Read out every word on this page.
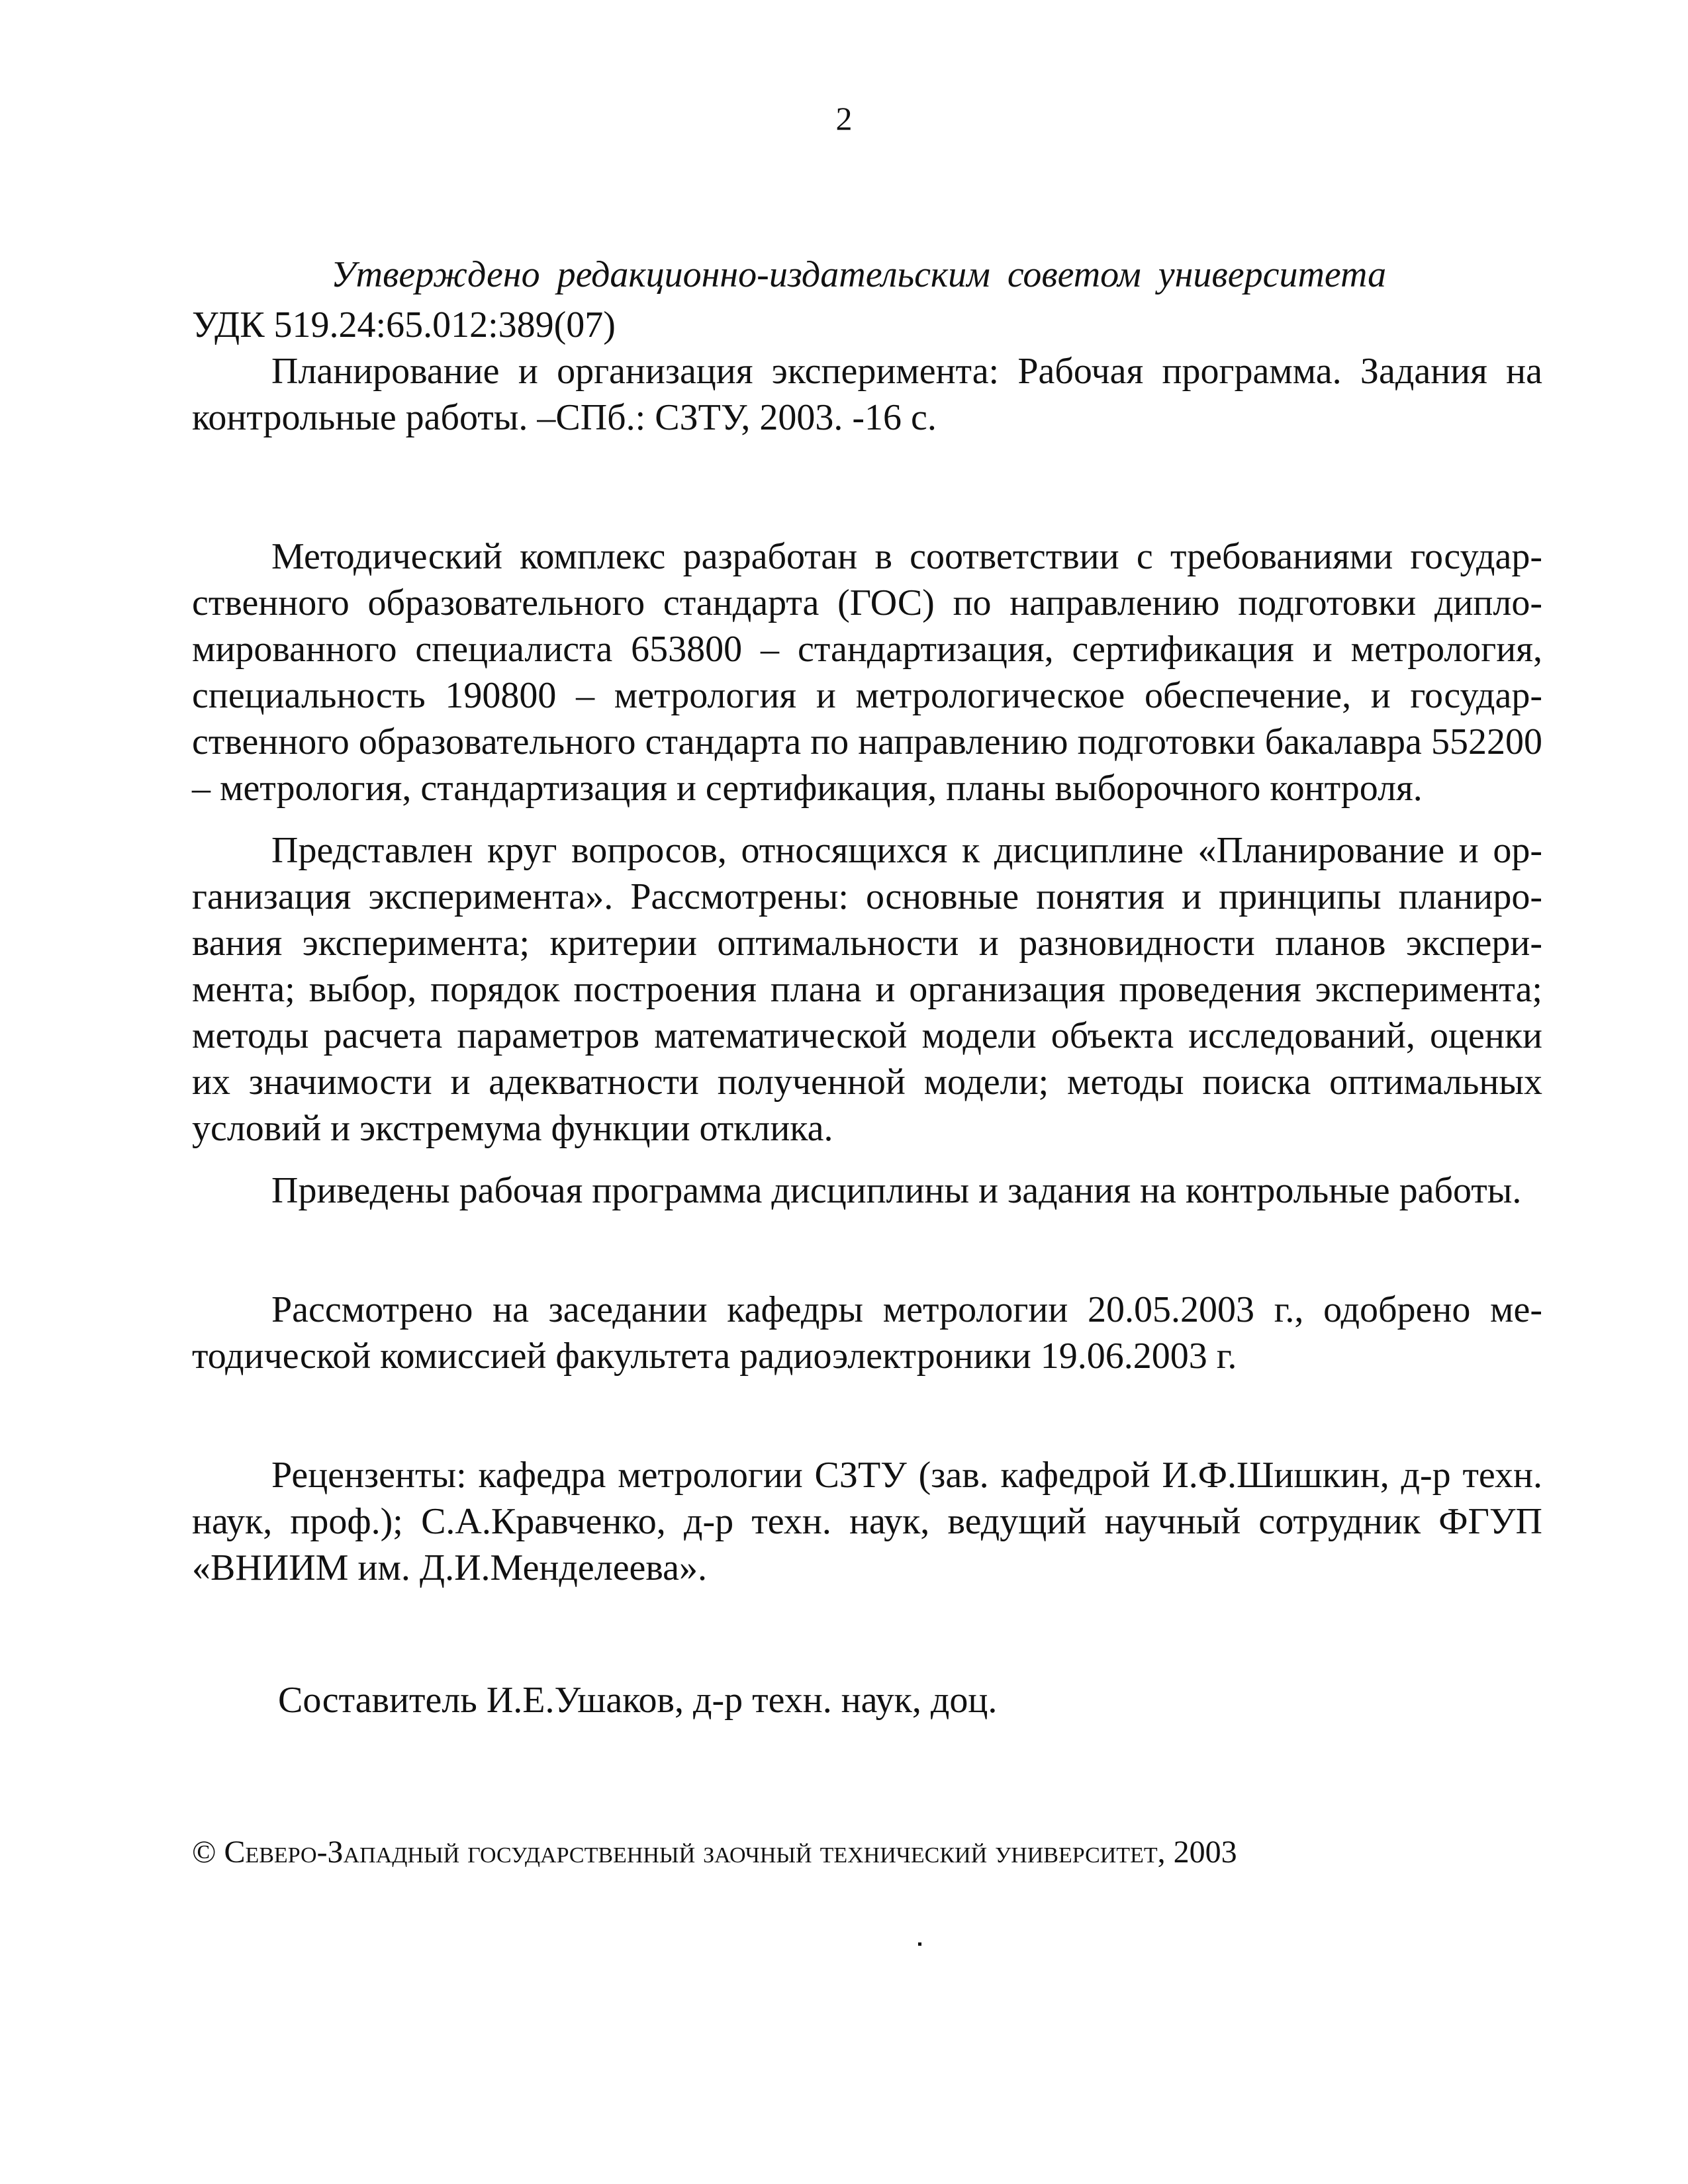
2
Утверждено редакционно-издательским советом университета
УДК 519.24:65.012:389(07)

Планирование и организация эксперимента: Рабочая программа. Задания на контрольные работы. –СПб.: СЗТУ, 2003. -16 с.

Методический комплекс разработан в соответствии с требованиями государственного образовательного стандарта (ГОС) по направлению подготовки дипломированного специалиста 653800 – стандартизация, сертификация и метрология, специальность 190800 – метрология и метрологическое обеспечение, и государственного образовательного стандарта по направлению подготовки бакалавра 552200 – метрология, стандартизация и сертификация, планы выборочного контроля.

Представлен круг вопросов, относящихся к дисциплине «Планирование и организация эксперимента». Рассмотрены: основные понятия и принципы планирования эксперимента; критерии оптимальности и разновидности планов эксперимента; выбор, порядок построения плана и организация проведения эксперимента; методы расчета параметров математической модели объекта исследований, оценки их значимости и адекватности полученной модели; методы поиска оптимальных условий и экстремума функции отклика.

Приведены рабочая программа дисциплины и задания на контрольные работы.

Рассмотрено на заседании кафедры метрологии 20.05.2003 г., одобрено методической комиссией факультета радиоэлектроники 19.06.2003 г.

Рецензенты: кафедра метрологии СЗТУ (зав. кафедрой И.Ф.Шишкин, д-р техн. наук, проф.); С.А.Кравченко, д-р техн. наук, ведущий научный сотрудник ФГУП «ВНИИМ им. Д.И.Менделеева».

Составитель И.Е.Ушаков, д-р техн. наук, доц.
© Северо-Западный государственный заочный технический университет, 2003
